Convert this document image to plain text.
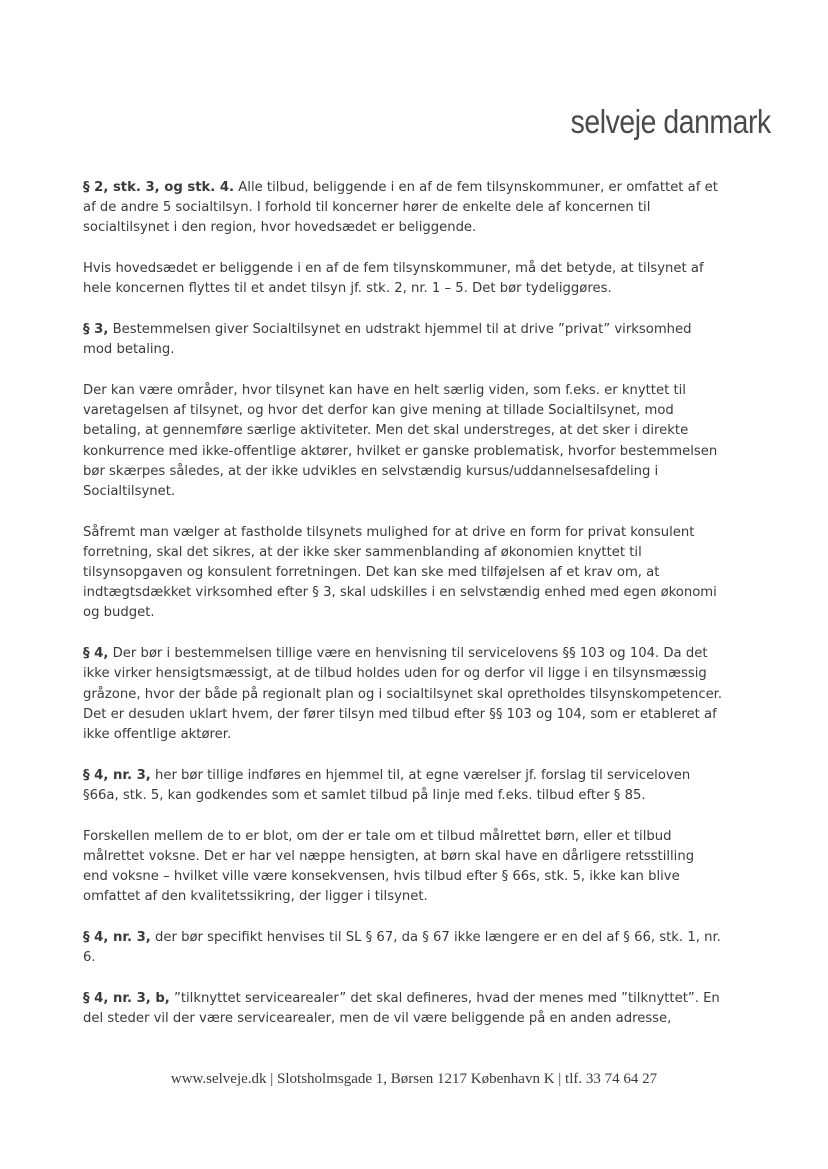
selveje danmark

§ 2, stk. 3, og stk. 4. Alle tilbud, beliggende i en af de fem tilsynskommuner, er omfattet af et af de andre 5 socialtilsyn. I forhold til koncerner hører de enkelte dele af koncernen til socialtilsynet i den region, hvor hovedsædet er beliggende.

Hvis hovedsædet er beliggende i en af de fem tilsynskommuner, må det betyde, at tilsynet af hele koncernen flyttes til et andet tilsyn jf. stk. 2, nr. 1 – 5. Det bør tydeliggøres.

§ 3, Bestemmelsen giver Socialtilsynet en udstrakt hjemmel til at drive ”privat” virksomhed mod betaling.

Der kan være områder, hvor tilsynet kan have en helt særlig viden, som f.eks. er knyttet til varetagelsen af tilsynet, og hvor det derfor kan give mening at tillade Socialtilsynet, mod betaling, at gennemføre særlige aktiviteter. Men det skal understreges, at det sker i direkte konkurrence med ikke-offentlige aktører, hvilket er ganske problematisk, hvorfor bestemmelsen bør skærpes således, at der ikke udvikles en selvstændig kursus/uddannelsesafdeling i Socialtilsynet.

Såfremt man vælger at fastholde tilsynets mulighed for at drive en form for privat konsulent forretning, skal det sikres, at der ikke sker sammenblanding af økonomien knyttet til tilsynsopgaven og konsulent forretningen. Det kan ske med tilføjelsen af et krav om, at indtægtsdækket virksomhed efter § 3, skal udskilles i en selvstændig enhed med egen økonomi og budget.

§ 4, Der bør i bestemmelsen tillige være en henvisning til servicelovens §§ 103 og 104. Da det ikke virker hensigtsmæssigt, at de tilbud holdes uden for og derfor vil ligge i en tilsynsmæssig gråzone, hvor der både på regionalt plan og i socialtilsynet skal opretholdes tilsynskompetencer. Det er desuden uklart hvem, der fører tilsyn med tilbud efter §§ 103 og 104, som er etableret af ikke offentlige aktører.

§ 4, nr. 3, her bør tillige indføres en hjemmel til, at egne værelser jf. forslag til serviceloven §66a, stk. 5, kan godkendes som et samlet tilbud på linje med f.eks. tilbud efter § 85.

Forskellen mellem de to er blot, om der er tale om et tilbud målrettet børn, eller et tilbud målrettet voksne. Det er har vel næppe hensigten, at børn skal have en dårligere retsstilling end voksne – hvilket ville være konsekvensen, hvis tilbud efter § 66s, stk. 5, ikke kan blive omfattet af den kvalitetssikring, der ligger i tilsynet.

§ 4, nr. 3, der bør specifikt henvises til SL § 67, da § 67 ikke længere er en del af § 66, stk. 1, nr. 6.

§ 4, nr. 3, b, ”tilknyttet servicearealer” det skal defineres, hvad der menes med ”tilknyttet”. En del steder vil der være servicearealer, men de vil være beliggende på en anden adresse,

www.selveje.dk | Slotsholmsgade 1, Børsen 1217 København K | tlf. 33 74 64 27
